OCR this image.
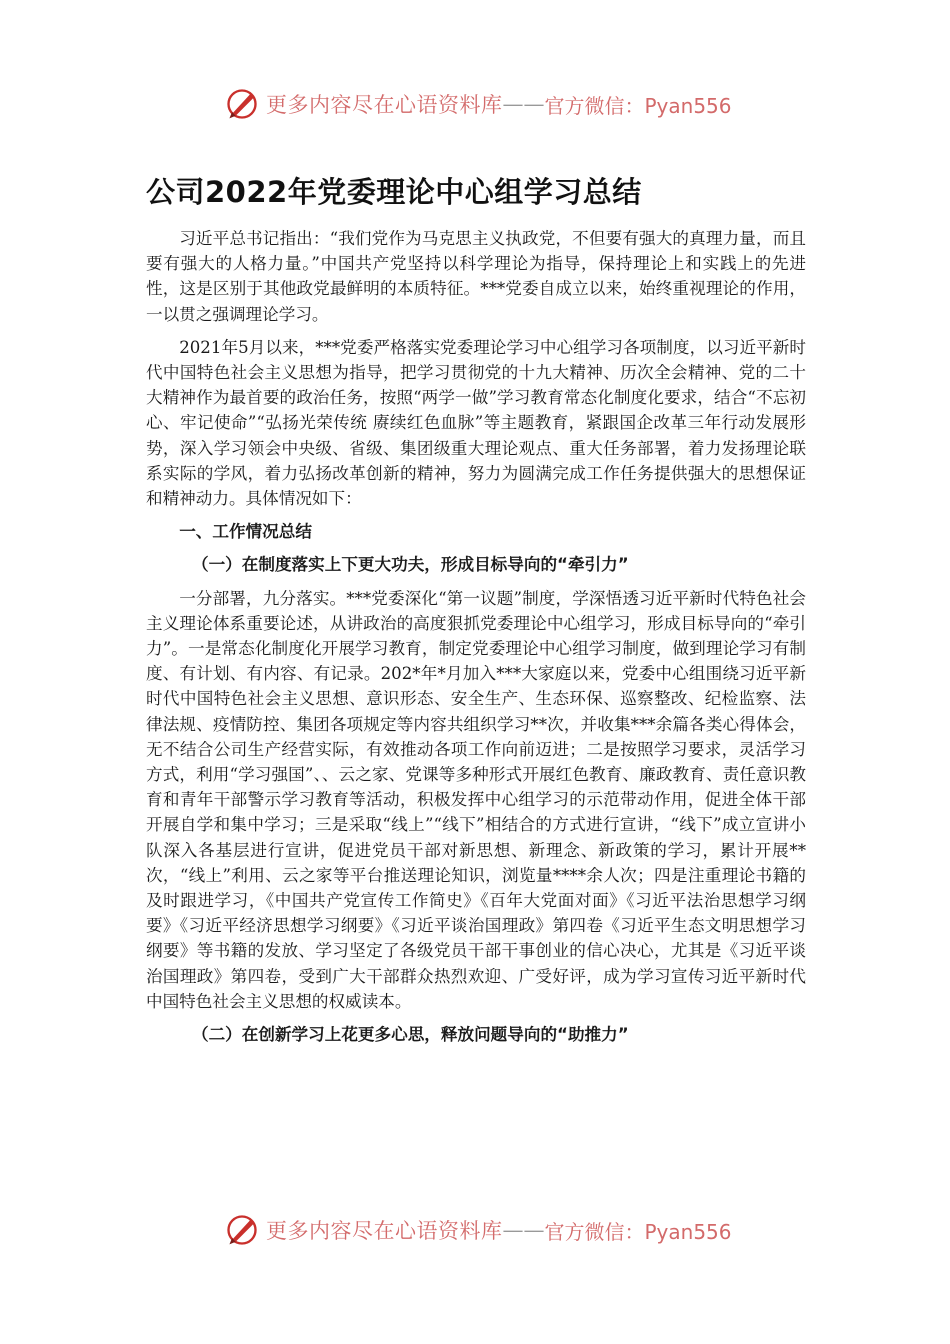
更多内容尽在心语资料库 —— 官方微信：Pyan556
公司2022年党委理论中心组学习总结

习近平总书记指出：“我们党作为马克思主义执政党，不但要有强大的真理力量，而且要有强大的人格力量。”中国共产党坚持以科学理论为指导，保持理论上和实践上的先进性，这是区别于其他政党最鲜明的本质特征。***党委自成立以来，始终重视理论的作用，一以贯之强调理论学习。

2021年5月以来，***党委严格落实党委理论学习中心组学习各项制度，以习近平新时代中国特色社会主义思想为指导，把学习贯彻党的十九大精神、历次全会精神、党的二十大精神作为最首要的政治任务，按照“两学一做”学习教育常态化制度化要求，结合“不忘初心、牢记使命”“弘扬光荣传统 赓续红色血脉”等主题教育，紧跟国企改革三年行动发展形势，深入学习领会中央级、省级、集团级重大理论观点、重大任务部署，着力发扬理论联系实际的学风，着力弘扬改革创新的精神，努力为圆满完成工作任务提供强大的思想保证和精神动力。具体情况如下：

一、工作情况总结
（一）在制度落实上下更大功夫，形成目标导向的“牵引力”

一分部署，九分落实。***党委深化“第一议题”制度，学深悟透习近平新时代特色社会主义理论体系重要论述，从讲政治的高度狠抓党委理论中心组学习，形成目标导向的“牵引力”。一是常态化制度化开展学习教育，制定党委理论中心组学习制度，做到理论学习有制度、有计划、有内容、有记录。202*年*月加入***大家庭以来，党委中心组围绕习近平新时代中国特色社会主义思想、意识形态、安全生产、生态环保、巡察整改、纪检监察、法律法规、疫情防控、集团各项规定等内容共组织学习**次，并收集***余篇各类心得体会，无不结合公司生产经营实际，有效推动各项工作向前迈进；二是按照学习要求，灵活学习方式，利用“学习强国”、、云之家、党课等多种形式开展红色教育、廉政教育、责任意识教育和青年干部警示学习教育等活动，积极发挥中心组学习的示范带动作用，促进全体干部开展自学和集中学习；三是采取“线上”“线下”相结合的方式进行宣讲，“线下”成立宣讲小队深入各基层进行宣讲，促进党员干部对新思想、新理念、新政策的学习，累计开展**次，“线上”利用、云之家等平台推送理论知识，浏览量****余人次；四是注重理论书籍的及时跟进学习，《中国共产党宣传工作简史》《百年大党面对面》《习近平法治思想学习纲要》《习近平经济思想学习纲要》《习近平谈治国理政》第四卷《习近平生态文明思想学习纲要》等书籍的发放、学习坚定了各级党员干部干事创业的信心决心，尤其是《习近平谈治国理政》第四卷，受到广大干部群众热烈欢迎、广受好评，成为学习宣传习近平新时代中国特色社会主义思想的权威读本。

（二）在创新学习上花更多心思，释放问题导向的“助推力”
更多内容尽在心语资料库 —— 官方微信：Pyan556
